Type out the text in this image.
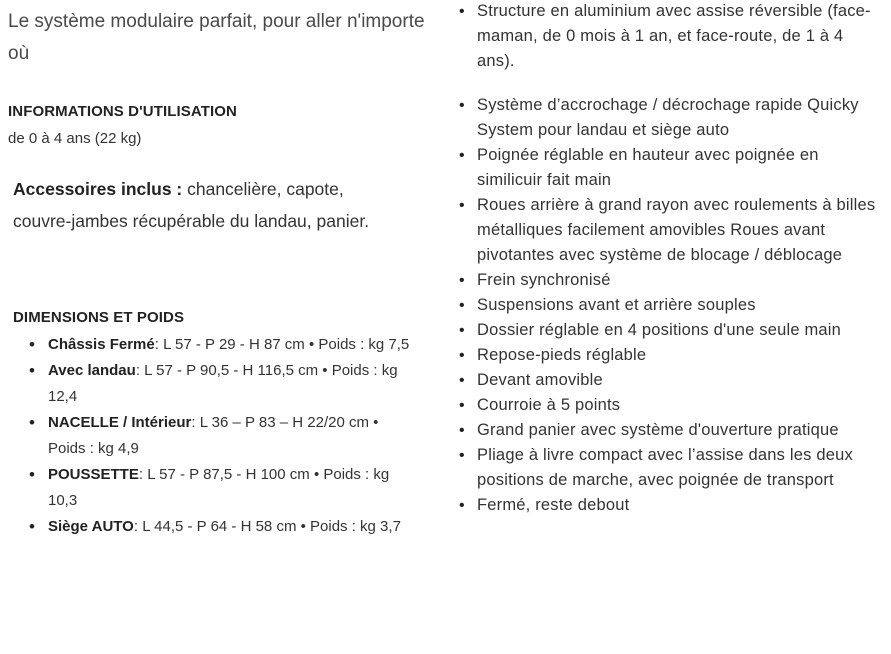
Le système modulaire parfait, pour aller n'importe où

INFORMATIONS D'UTILISATION
de 0 à 4 ans (22 kg)
Accessoires inclus : chancelière, capote, couvre-jambes récupérable du landau, panier.
DIMENSIONS ET POIDS
• Châssis Fermé: L 57 - P 29 - H 87 cm • Poids : kg 7,5
• Avec landau: L 57 - P 90,5 - H 116,5 cm • Poids : kg 12,4
• NACELLE / Intérieur: L 36 – P 83 – H 22/20 cm • Poids : kg 4,9
• POUSSETTE: L 57 - P 87,5 - H 100 cm • Poids : kg 10,3
• Siège AUTO: L 44,5 - P 64 - H 58 cm • Poids : kg 3,7
• Structure en aluminium avec assise réversible (face-maman, de 0 mois à 1 an, et face-route, de 1 à 4 ans).
• Système d’accrochage / décrochage rapide Quicky System pour landau et siège auto
• Poignée réglable en hauteur avec poignée en similicuir fait main
• Roues arrière à grand rayon avec roulements à billes métalliques facilement amovibles Roues avant pivotantes avec système de blocage / déblocage
• Frein synchronisé
• Suspensions avant et arrière souples
• Dossier réglable en 4 positions d'une seule main
• Repose-pieds réglable
• Devant amovible
• Courroie à 5 points
• Grand panier avec système d'ouverture pratique
• Pliage à livre compact avec l’assise dans les deux positions de marche, avec poignée de transport
• Fermé, reste debout
